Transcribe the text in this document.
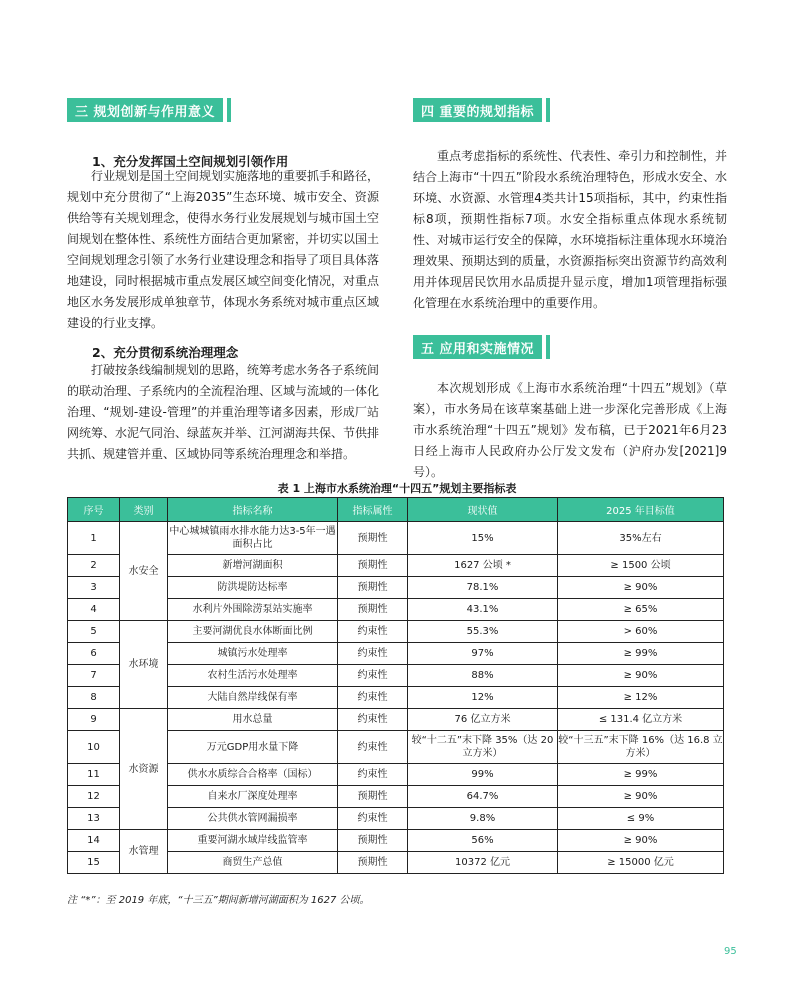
三 规划创新与作用意义
1、充分发挥国土空间规划引领作用
行业规划是国土空间规划实施落地的重要抓手和路径，规划中充分贯彻了“上海2035”生态环境、城市安全、资源供给等有关规划理念，使得水务行业发展规划与城市国土空间规划在整体性、系统性方面结合更加紧密，并切实以国土空间规划理念引领了水务行业建设理念和指导了项目具体落地建设，同时根据城市重点发展区域空间变化情况，对重点地区水务发展形成单独章节，体现水务系统对城市重点区域建设的行业支撑。
2、充分贯彻系统治理理念
打破按条线编制规划的思路，统筹考虑水务各子系统间的联动治理、子系统内的全流程治理、区域与流域的一体化治理、“规划-建设-管理”的并重治理等诸多因素，形成厂站网统筹、水泥气同治、绿蓝灰并举、江河湖海共保、节供排共抓、规建管并重、区域协同等系统治理理念和举措。
四 重要的规划指标
重点考虑指标的系统性、代表性、牵引力和控制性，并结合上海市“十四五”阶段水系统治理特色，形成水安全、水环境、水资源、水管理4类共计15项指标，其中，约束性指标8项，预期性指标7项。水安全指标重点体现水系统韧性、对城市运行安全的保障，水环境指标注重体现水环境治理效果、预期达到的质量，水资源指标突出资源节约高效利用并体现居民饮用水品质提升显示度，增加1项管理指标强化管理在水系统治理中的重要作用。
五 应用和实施情况
本次规划形成《上海市水系统治理“十四五”规划》（草案），市水务局在该草案基础上进一步深化完善形成《上海市水系统治理“十四五”规划》发布稿，已于2021年6月23日经上海市人民政府办公厅发文发布（沪府办发[2021]9号）。
表 1 上海市水系统治理“十四五”规划主要指标表
序号	类别	指标名称	指标属性	现状值	2025 年目标值
1	水安全	中心城城镇雨水排水能力达3-5年一遇面积占比	预期性	15%	35%左右
2		新增河湖面积	预期性	1627 公顷 *	≥ 1500 公顷
3		防洪堤防达标率	预期性	78.1%	≥ 90%
4		水利片外围除涝泵站实施率	预期性	43.1%	≥ 65%
5	水环境	主要河湖优良水体断面比例	约束性	55.3%	> 60%
6		城镇污水处理率	约束性	97%	≥ 99%
7		农村生活污水处理率	约束性	88%	≥ 90%
8		大陆自然岸线保有率	约束性	12%	≥ 12%
9	水资源	用水总量	约束性	76 亿立方米	≤ 131.4 亿立方米
10		万元GDP用水量下降	约束性	较“十二五”末下降 35%（达 20 立方米）	较“十三五”末下降 16%（达 16.8 立方米）
11		供水水质综合合格率（国标）	约束性	99%	≥ 99%
12		自来水厂深度处理率	预期性	64.7%	≥ 90%
13		公共供水管网漏损率	约束性	9.8%	≤ 9%
14	水管理	重要河湖水域岸线监管率	预期性	56%	≥ 90%
15		商贸生产总值	预期性	10372 亿元	≥ 15000 亿元
注 “*”：至 2019 年底，“十三五”期间新增河湖面积为 1627 公顷。
95
